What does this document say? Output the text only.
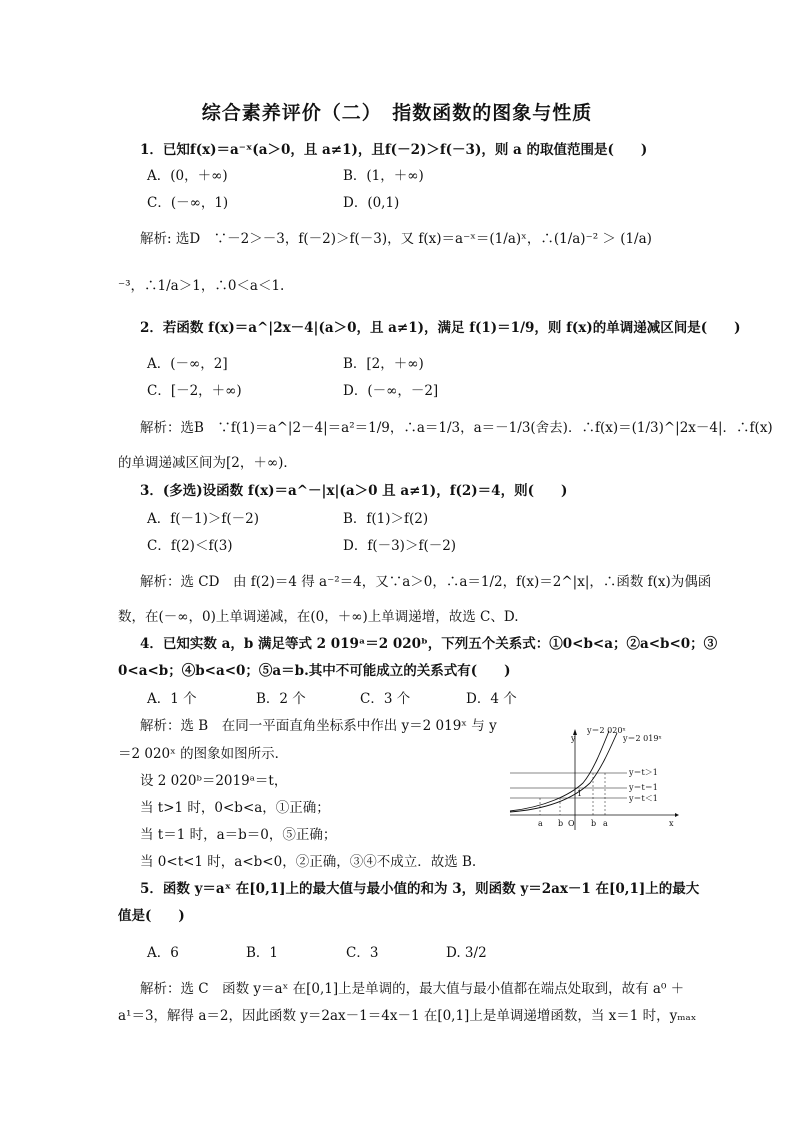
综合素养评价（二）　指数函数的图象与性质
1．已知f(x)＝a⁻ˣ(a＞0，且 a≠1)，且f(－2)＞f(－3)，则 a 的取值范围是(　　)
A．(0，＋∞)	B．(1，＋∞)
C．(－∞，1)	D．(0,1)
解析: 选D　∵－2＞－3，f(－2)＞f(－3)，又 f(x)＝a⁻ˣ＝(1/a)ˣ，∴(1/a)⁻² ＞ (1/a)
⁻³，∴1/a＞1，∴0＜a＜1.
2．若函数 f(x)＝a^|2x－4|(a＞0，且 a≠1)，满足 f(1)＝1/9，则 f(x)的单调递减区间是(　　)
A．(－∞，2]	B．[2，＋∞)
C．[－2，＋∞)	D．(－∞，－2]
解析：选B　∵f(1)＝a^|2－4|＝a²＝1/9，∴a＝1/3，a＝－1/3(舍去)．∴f(x)＝(1/3)^|2x－4|．∴f(x)
的单调递减区间为[2，＋∞)．
3．(多选)设函数 f(x)＝a^－|x|(a＞0 且 a≠1)，f(2)＝4，则(　　)
A．f(－1)＞f(－2)	B．f(1)＞f(2)
C．f(2)＜f(3)	D．f(－3)＞f(－2)
解析：选 CD　由 f(2)＝4 得 a⁻²＝4，又∵a＞0，∴a＝1/2，f(x)＝2^|x|，∴函数 f(x)为偶函
数，在(－∞，0)上单调递减，在(0，＋∞)上单调递增，故选 C、D.
4．已知实数 a，b 满足等式 2 019ᵃ＝2 020ᵇ，下列五个关系式：①0<b<a；②a<b<0；③
0<a<b；④b<a<0；⑤a＝b.其中不可能成立的关系式有(　　)
A．1 个	B．2 个	C．3 个	D．4 个
解析：选 B　在同一平面直角坐标系中作出 y＝2 019ˣ 与 y
＝2 020ˣ 的图象如图所示．
设 2 020ᵇ＝2019ᵃ＝t，
当 t>1 时，0<b<a，①正确；
当 t＝1 时，a＝b＝0，⑤正确；
当 0<t<1 时，a<b<0，②正确，③④不成立．故选 B.
y
x
y＝t＞1
y＝t＝1
y＝t＜1
y＝2 020ˣ
y＝2 019ˣ
a b O b a
1
5．函数 y＝aˣ 在[0,1]上的最大值与最小值的和为 3，则函数 y＝2ax－1 在[0,1]上的最大
值是(　　)
A．6	B．1	C．3	D. 3/2
解析：选 C　函数 y＝aˣ 在[0,1]上是单调的，最大值与最小值都在端点处取到，故有 a⁰ ＋
a¹＝3，解得 a＝2，因此函数 y＝2ax－1＝4x－1 在[0,1]上是单调递增函数，当 x＝1 时，yₘₐₓ
